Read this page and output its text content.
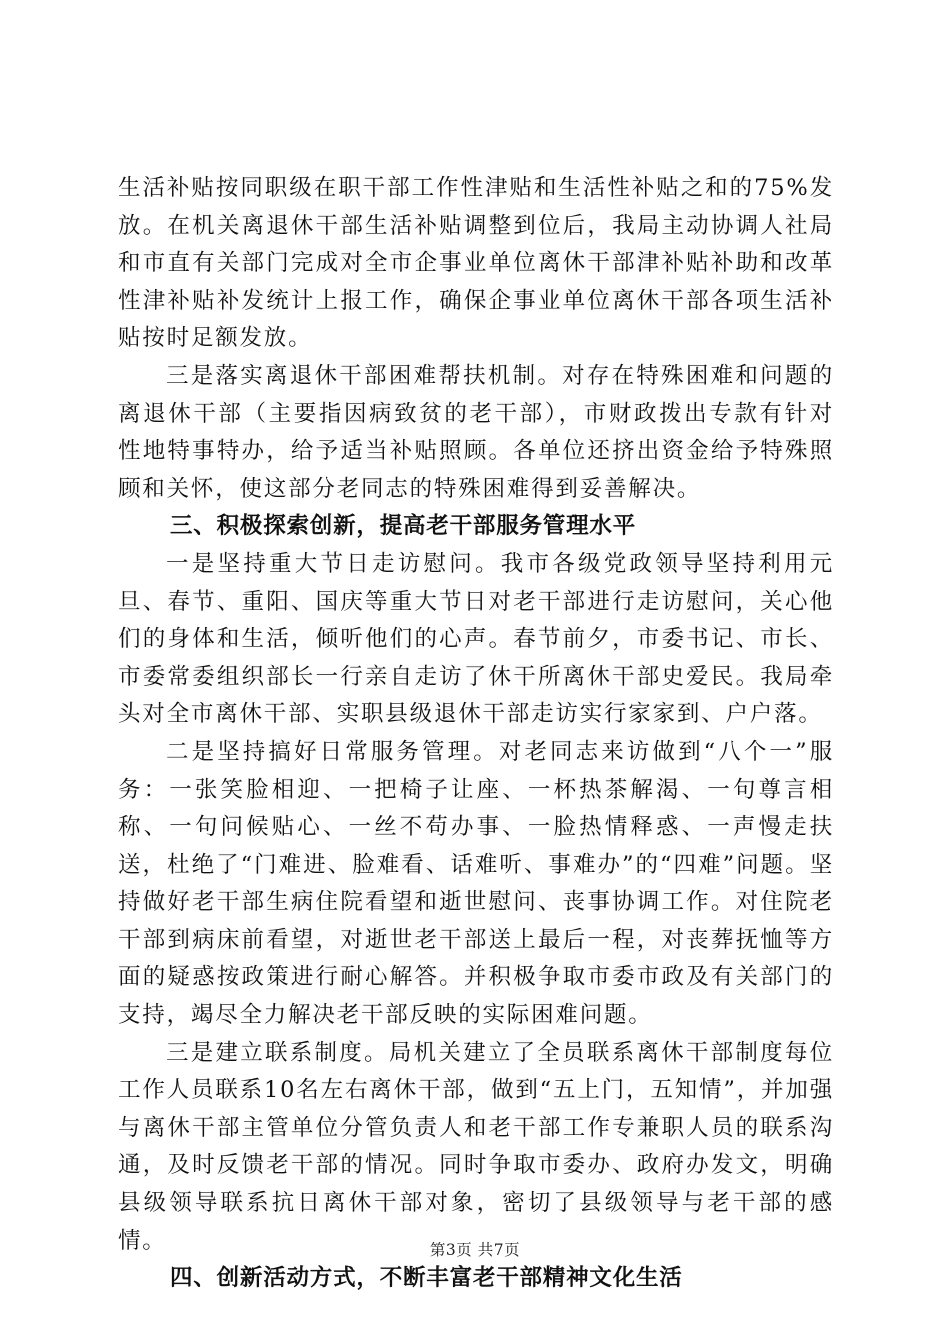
生活补贴按同职级在职干部工作性津贴和生活性补贴之和的75%发放。在机关离退休干部生活补贴调整到位后，我局主动协调人社局和市直有关部门完成对全市企事业单位离休干部津补贴补助和改革性津补贴补发统计上报工作，确保企事业单位离休干部各项生活补贴按时足额发放。

三是落实离退休干部困难帮扶机制。对存在特殊困难和问题的离退休干部（主要指因病致贫的老干部），市财政拨出专款有针对性地特事特办，给予适当补贴照顾。各单位还挤出资金给予特殊照顾和关怀，使这部分老同志的特殊困难得到妥善解决。

三、积极探索创新，提高老干部服务管理水平

一是坚持重大节日走访慰问。我市各级党政领导坚持利用元旦、春节、重阳、国庆等重大节日对老干部进行走访慰问，关心他们的身体和生活，倾听他们的心声。春节前夕，市委书记、市长、市委常委组织部长一行亲自走访了休干所离休干部史爱民。我局牵头对全市离休干部、实职县级退休干部走访实行家家到、户户落。

二是坚持搞好日常服务管理。对老同志来访做到“八个一”服务：一张笑脸相迎、一把椅子让座、一杯热茶解渴、一句尊言相称、一句问候贴心、一丝不苟办事、一脸热情释惑、一声慢走扶送，杜绝了“门难进、脸难看、话难听、事难办”的“四难”问题。坚持做好老干部生病住院看望和逝世慰问、丧事协调工作。对住院老干部到病床前看望，对逝世老干部送上最后一程，对丧葬抚恤等方面的疑惑按政策进行耐心解答。并积极争取市委市政及有关部门的支持，竭尽全力解决老干部反映的实际困难问题。

三是建立联系制度。局机关建立了全员联系离休干部制度每位工作人员联系10名左右离休干部，做到“五上门，五知情”，并加强与离休干部主管单位分管负责人和老干部工作专兼职人员的联系沟通，及时反馈老干部的情况。同时争取市委办、政府办发文，明确县级领导联系抗日离休干部对象，密切了县级领导与老干部的感情。

四、创新活动方式，不断丰富老干部精神文化生活

第3页 共7页
